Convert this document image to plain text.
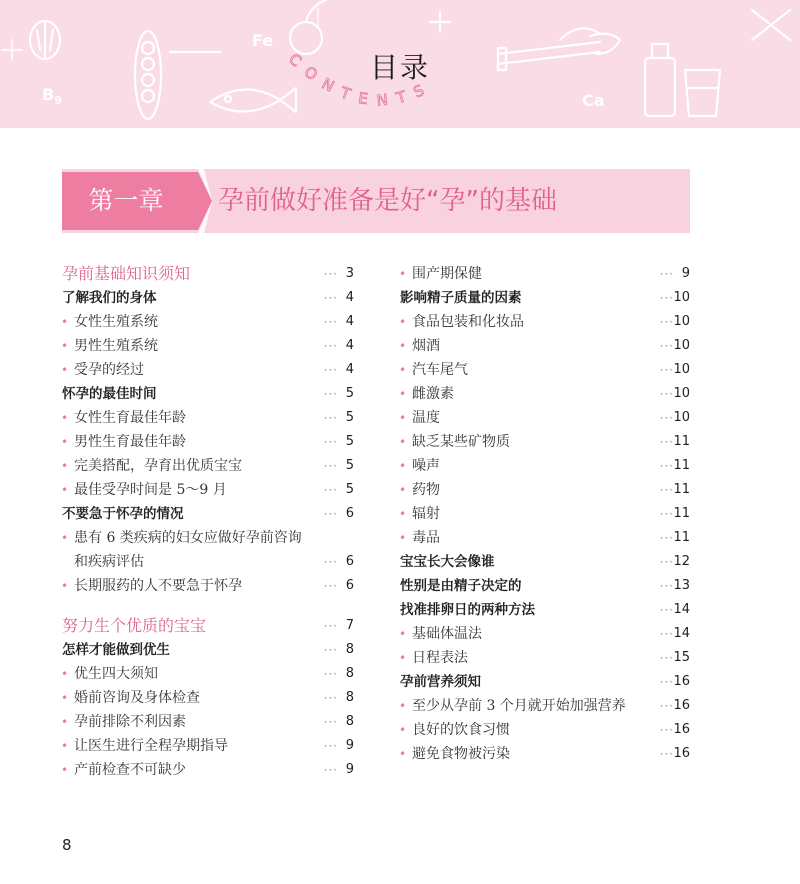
Fe
$B_9$	Ca
CONTENTS
目录
第一章	孕前做好准备是好“孕”的基础
孕前基础知识须知	··· 3
了解我们的身体	··· 4
• 女性生殖系统	··· 4
• 男性生殖系统	··· 4
• 受孕的经过	··· 4
怀孕的最佳时间	··· 5
• 女性生育最佳年龄	··· 5
• 男性生育最佳年龄	··· 5
• 完美搭配，孕育出优质宝宝	··· 5
• 最佳受孕时间是 5～9 月	··· 5
不要急于怀孕的情况	··· 6
• 患有 6 类疾病的妇女应做好孕前咨询
和疾病评估	··· 6
• 长期服药的人不要急于怀孕	··· 6
努力生个优质的宝宝	··· 7
怎样才能做到优生	··· 8
• 优生四大须知	··· 8
• 婚前咨询及身体检查	··· 8
• 孕前排除不利因素	··· 8
• 让医生进行全程孕期指导	··· 9
• 产前检查不可缺少	··· 9
• 围产期保健	··· 9
影响精子质量的因素	··· 10
• 食品包装和化妆品	··· 10
• 烟酒	··· 10
• 汽车尾气	··· 10
• 雌激素	··· 10
• 温度	··· 10
• 缺乏某些矿物质	··· 11
• 噪声	··· 11
• 药物	··· 11
• 辐射	··· 11
• 毒品	··· 11
宝宝长大会像谁	··· 12
性别是由精子决定的	··· 13
找准排卵日的两种方法	··· 14
• 基础体温法	··· 14
• 日程表法	··· 15
孕前营养须知	··· 16
• 至少从孕前 3 个月就开始加强营养	··· 16
• 良好的饮食习惯	··· 16
• 避免食物被污染	··· 16
8
